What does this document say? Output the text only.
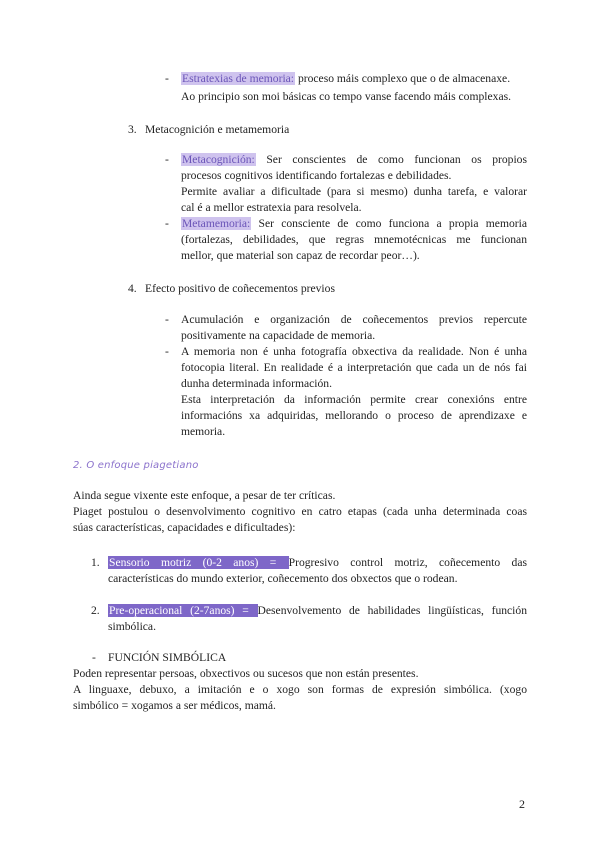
- Estratexias de memoria: proceso máis complexo que o de almacenaxe.
Ao principio son moi básicas co tempo vanse facendo máis complexas.
3. Metacognición e metamemoria
- Metacognición: Ser conscientes de como funcionan os propios
procesos cognitivos identificando fortalezas e debilidades.
Permite avaliar a dificultade (para si mesmo) dunha tarefa, e valorar
cal é a mellor estratexia para resolvela.
- Metamemoria: Ser consciente de como funciona a propia memoria
(fortalezas, debilidades, que regras mnemotécnicas me funcionan
mellor, que material son capaz de recordar peor…).
4. Efecto positivo de coñecementos previos
- Acumulación e organización de coñecementos previos repercute
positivamente na capacidade de memoria.
- A memoria non é unha fotografía obxectiva da realidade. Non é unha
fotocopia literal. En realidade é a interpretación que cada un de nós fai
dunha determinada información.
Esta interpretación da información permite crear conexións entre
informacións xa adquiridas, mellorando o proceso de aprendizaxe e
memoria.
2. O enfoque piagetiano
Ainda segue vixente este enfoque, a pesar de ter críticas.
Piaget postulou o desenvolvimento cognitivo en catro etapas (cada unha determinada coas
súas características, capacidades e dificultades):
1. Sensorio motriz (0-2 anos) = Progresivo control motriz, coñecemento das
características do mundo exterior, coñecemento dos obxectos que o rodean.
2. Pre-operacional (2-7anos) = Desenvolvemento de habilidades lingüísticas, función
simbólica.
- FUNCIÓN SIMBÓLICA
Poden representar persoas, obxectivos ou sucesos que non están presentes.
A linguaxe, debuxo, a imitación e o xogo son formas de expresión simbólica. (xogo
simbólico = xogamos a ser médicos, mamá.
2
